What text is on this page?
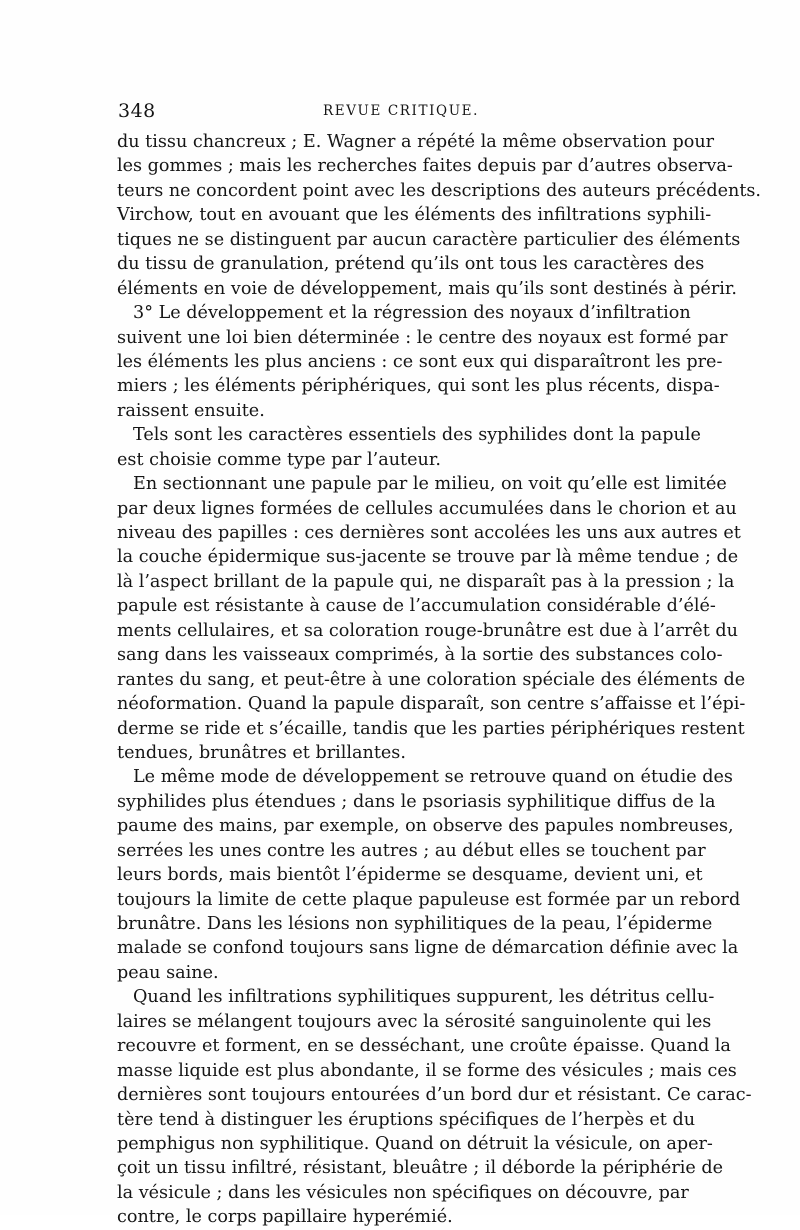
348	REVUE CRITIQUE.
du tissu chancreux ; E. Wagner a répété la même observation pour
les gommes ; mais les recherches faites depuis par d’autres observa-
teurs ne concordent point avec les descriptions des auteurs précédents.
Virchow, tout en avouant que les éléments des infiltrations syphili-
tiques ne se distinguent par aucun caractère particulier des éléments
du tissu de granulation, prétend qu’ils ont tous les caractères des
éléments en voie de développement, mais qu’ils sont destinés à périr.
3° Le développement et la régression des noyaux d’infiltration
suivent une loi bien déterminée : le centre des noyaux est formé par
les éléments les plus anciens : ce sont eux qui disparaîtront les pre-
miers ; les éléments périphériques, qui sont les plus récents, dispa-
raissent ensuite.
Tels sont les caractères essentiels des syphilides dont la papule
est choisie comme type par l’auteur.
En sectionnant une papule par le milieu, on voit qu’elle est limitée
par deux lignes formées de cellules accumulées dans le chorion et au
niveau des papilles : ces dernières sont accolées les uns aux autres et
la couche épidermique sus-jacente se trouve par là même tendue ; de
là l’aspect brillant de la papule qui, ne disparaît pas à la pression ; la
papule est résistante à cause de l’accumulation considérable d’élé-
ments cellulaires, et sa coloration rouge-brunâtre est due à l’arrêt du
sang dans les vaisseaux comprimés, à la sortie des substances colo-
rantes du sang, et peut-être à une coloration spéciale des éléments de
néoformation. Quand la papule disparaît, son centre s’affaisse et l’épi-
derme se ride et s’écaille, tandis que les parties périphériques restent
tendues, brunâtres et brillantes.
Le même mode de développement se retrouve quand on étudie des
syphilides plus étendues ; dans le psoriasis syphilitique diffus de la
paume des mains, par exemple, on observe des papules nombreuses,
serrées les unes contre les autres ; au début elles se touchent par
leurs bords, mais bientôt l’épiderme se desquame, devient uni, et
toujours la limite de cette plaque papuleuse est formée par un rebord
brunâtre. Dans les lésions non syphilitiques de la peau, l’épiderme
malade se confond toujours sans ligne de démarcation définie avec la
peau saine.
Quand les infiltrations syphilitiques suppurent, les détritus cellu-
laires se mélangent toujours avec la sérosité sanguinolente qui les
recouvre et forment, en se desséchant, une croûte épaisse. Quand la
masse liquide est plus abondante, il se forme des vésicules ; mais ces
dernières sont toujours entourées d’un bord dur et résistant. Ce carac-
tère tend à distinguer les éruptions spécifiques de l’herpès et du
pemphigus non syphilitique. Quand on détruit la vésicule, on aper-
çoit un tissu infiltré, résistant, bleuâtre ; il déborde la périphérie de
la vésicule ; dans les vésicules non spécifiques on découvre, par
contre, le corps papillaire hyperémié.
